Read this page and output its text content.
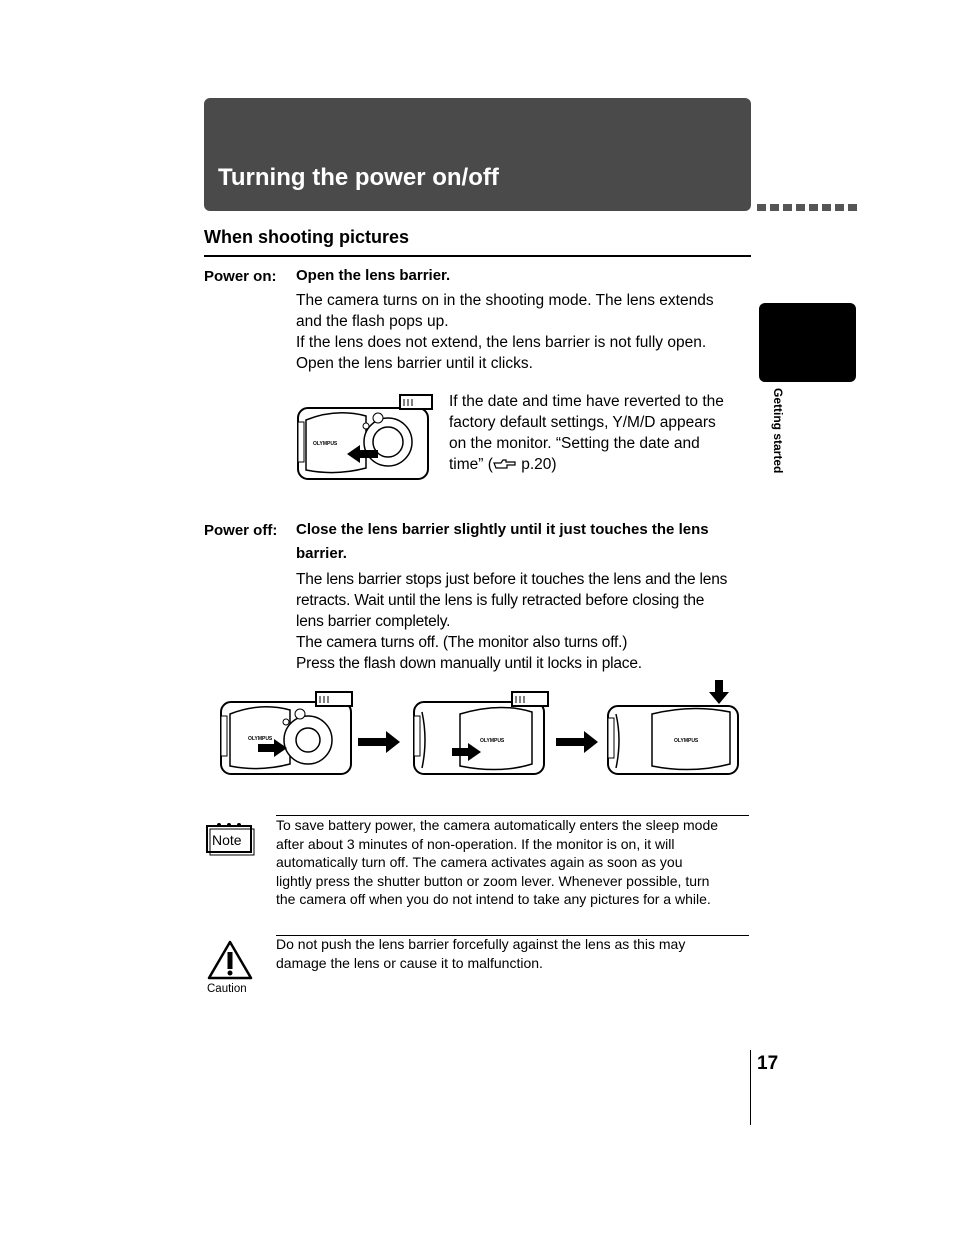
Turning the power on/off
Getting started
When shooting pictures
Power on: Open the lens barrier.
The camera turns on in the shooting mode. The lens extends
and the flash pops up.
If the lens does not extend, the lens barrier is not fully open.
Open the lens barrier until it clicks.
OLYMPUS
If the date and time have reverted to the
factory default settings, Y/M/D appears
on the monitor. “Setting the date and
time” ( p.20)
Power off: Close the lens barrier slightly until it just touches the lens
barrier.
The lens barrier stops just before it touches the lens and the lens
retracts. Wait until the lens is fully retracted before closing the
lens barrier completely.
The camera turns off. (The monitor also turns off.)
Press the flash down manually until it locks in place.
OLYMPUS	OLYMPUS	OLYMPUS
Note
To save battery power, the camera automatically enters the sleep mode
after about 3 minutes of non-operation. If the monitor is on, it will
automatically turn off. The camera activates again as soon as you
lightly press the shutter button or zoom lever. Whenever possible, turn
the camera off when you do not intend to take any pictures for a while.
Caution
Do not push the lens barrier forcefully against the lens as this may
damage the lens or cause it to malfunction.
17
